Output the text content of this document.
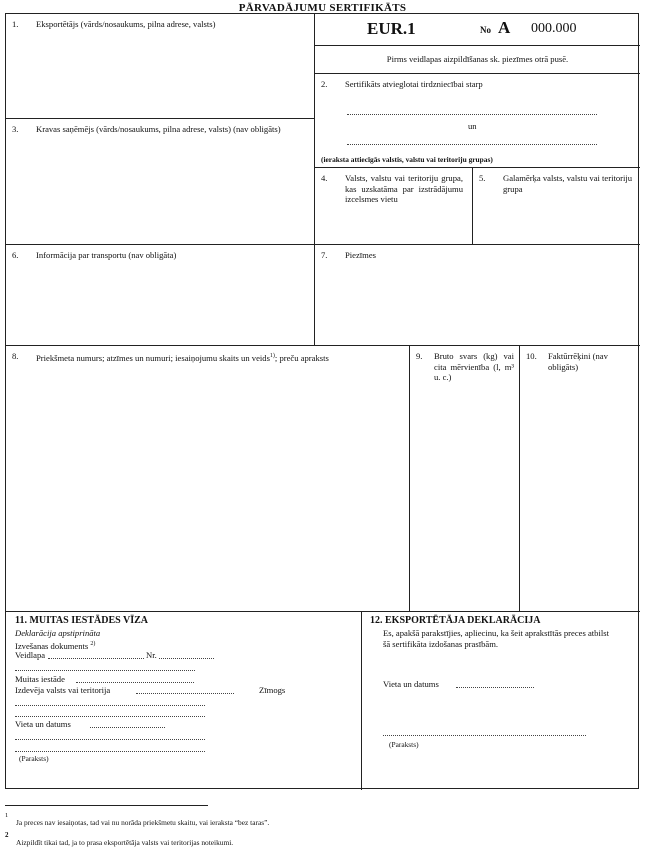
PĀRVADĀJUMU SERTIFIKĀTS
1. Eksportētājs (vārds/nosaukums, pilna adrese, valsts)	EUR.1	No A 000.000
Pirms veidlapas aizpildīšanas sk. piezīmes otrā pusē.
2. Sertifikāts atvieglotai tirdzniecībai starp
un
(ieraksta attiecīgās valstis, valstu vai teritoriju grupas)
3. Kravas saņēmējs (vārds/nosaukums, pilna adrese, valsts) (nav obligāts)
4. Valsts, valstu vai teritoriju grupa, kas uzskatāma par izstrādājumu izcelsmes vietu
5. Galamērķa valsts, valstu vai teritoriju grupa
6. Informācija par transportu (nav obligāta)	7. Piezīmes
8. Priekšmeta numurs; atzīmes un numuri; iesaiņojumu skaits un veids$^{1)}$; preču apraksts	9. Bruto svars (kg) vai cita mērvienība (l, m³ u. c.)
10. Faktūrrēķini (nav obligāts)
11. MUITAS IESTĀDES VĪZA
Deklarācija apstiprināta
Izvešanas dokuments $^{2)}$
Veidlapa	Nr.
Muitas iestāde
Izdevēja valsts vai teritorija	Zīmogs
Vieta un datums
(Paraksts)
12. EKSPORTĒTĀJA DEKLARĀCIJA
Es, apakšā parakstījies, apliecinu, ka šeit aprakstītās preces atbilst šā sertifikāta izdošanas prasībām.
Vieta un datums
(Paraksts)
1
Ja preces nav iesaiņotas, tad vai nu norāda priekšmetu skaitu, vai ieraksta “bez taras”.
2
Aizpildīt tikai tad, ja to prasa eksportētāja valsts vai teritorijas noteikumi.
